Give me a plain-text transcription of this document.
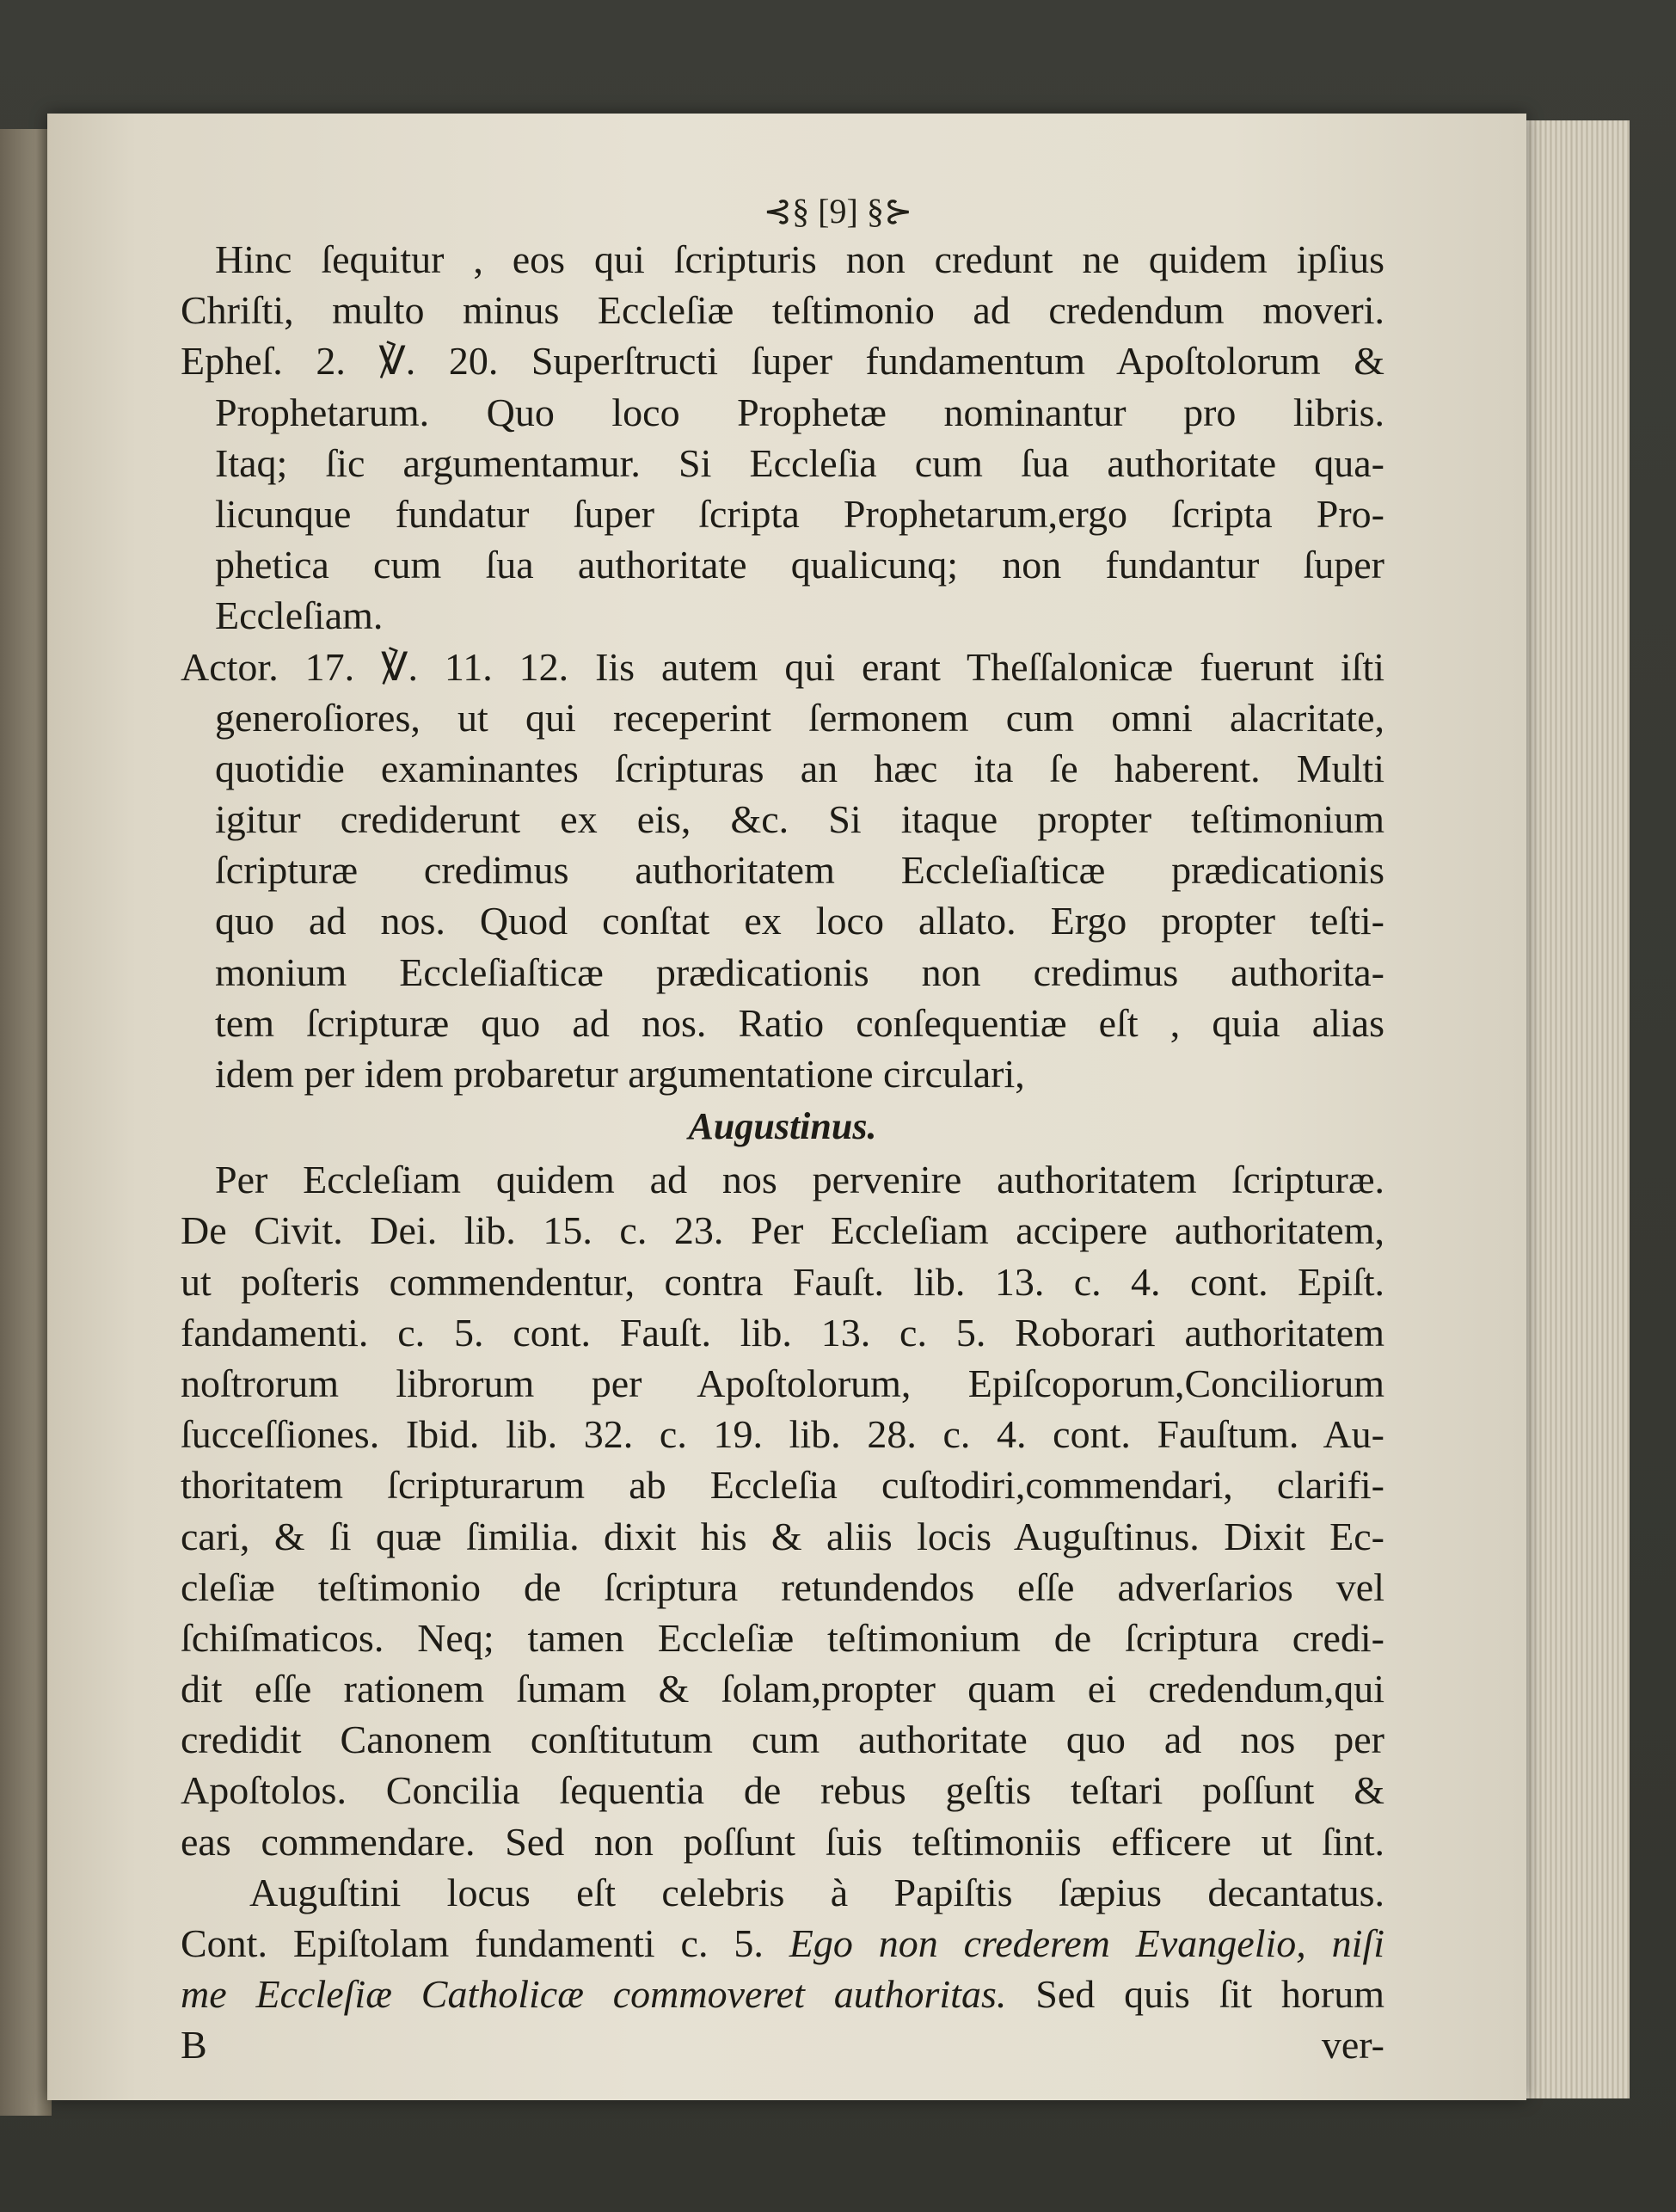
⊰§ [9] §⊱
Hinc ſequitur , eos qui ſcripturis non credunt ne quidem ipſius
Chriſti, multo minus Eccleſiæ teſtimonio ad credendum moveri.
Epheſ. 2. ℣. 20. Superſtructi ſuper fundamentum Apoſtolorum &
Prophetarum. Quo loco Prophetæ nominantur pro libris.
Itaq; ſic argumentamur. Si Eccleſia cum ſua authoritate qua-
licunque fundatur ſuper ſcripta Prophetarum,ergo ſcripta Pro-
phetica cum ſua authoritate qualicunq; non fundantur ſuper
Eccleſiam.
Actor. 17. ℣. 11. 12. Iis autem qui erant Theſſalonicæ fuerunt iſti
generoſiores, ut qui receperint ſermonem cum omni alacritate,
quotidie examinantes ſcripturas an hæc ita ſe haberent. Multi
igitur crediderunt ex eis, &c. Si itaque propter teſtimonium
ſcripturæ credimus authoritatem Eccleſiaſticæ prædicationis
quo ad nos. Quod conſtat ex loco allato. Ergo propter teſti-
monium Eccleſiaſticæ prædicationis non credimus authorita-
tem ſcripturæ quo ad nos. Ratio conſequentiæ eſt , quia alias
idem per idem probaretur argumentatione circulari,
Augustinus.
Per Eccleſiam quidem ad nos pervenire authoritatem ſcripturæ.
De Civit. Dei. lib. 15. c. 23. Per Eccleſiam accipere authoritatem,
ut poſteris commendentur, contra Fauſt. lib. 13. c. 4. cont. Epiſt.
fandamenti. c. 5. cont. Fauſt. lib. 13. c. 5. Roborari authoritatem
noſtrorum librorum per Apoſtolorum, Epiſcoporum,Conciliorum
ſucceſſiones. Ibid. lib. 32. c. 19. lib. 28. c. 4. cont. Fauſtum. Au-
thoritatem ſcripturarum ab Eccleſia cuſtodiri,commendari, clarifi-
cari, & ſi quæ ſimilia. dixit his & aliis locis Auguſtinus. Dixit Ec-
cleſiæ teſtimonio de ſcriptura retundendos eſſe adverſarios vel
ſchiſmaticos. Neq; tamen Eccleſiæ teſtimonium de ſcriptura credi-
dit eſſe rationem ſumam & ſolam,propter quam ei credendum,qui
credidit Canonem conſtitutum cum authoritate quo ad nos per
Apoſtolos. Concilia ſequentia de rebus geſtis teſtari poſſunt &
eas commendare. Sed non poſſunt ſuis teſtimoniis efficere ut ſint.
Auguſtini locus eſt celebris à Papiſtis ſæpius decantatus.
Cont. Epiſtolam fundamenti c. 5. Ego non crederem Evangelio, niſi
me Eccleſiæ Catholicæ commoveret authoritas. Sed quis ſit horum
B	ver-
